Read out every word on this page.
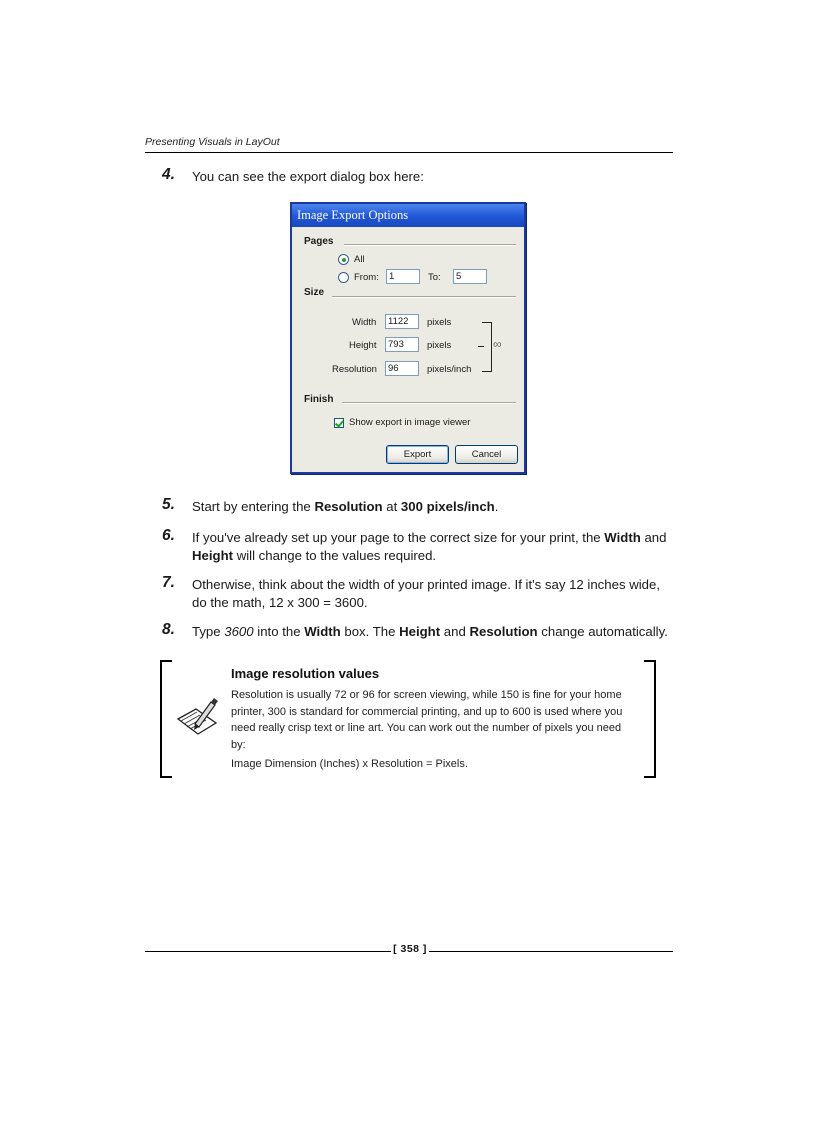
Presenting Visuals in LayOut
4. You can see the export dialog box here:
Image Export Options
Pages
All
From:	1	To:	5
Size
Width	1122	pixels
Height	793	pixels
Resolution	96	pixels/inch
∞
Finish
Show export in image viewer
Export	Cancel
5. Start by entering the Resolution at 300 pixels/inch.
6. If you've already set up your page to the correct size for your print, the Width and Height will change to the values required.
7. Otherwise, think about the width of your printed image. If it's say 12 inches wide, do the math, 12 x 300 = 3600.
8. Type 3600 into the Width box. The Height and Resolution change automatically.
Image resolution values

Resolution is usually 72 or 96 for screen viewing, while 150 is fine for your home printer, 300 is standard for commercial printing, and up to 600 is used where you need really crisp text or line art. You can work out the number of pixels you need by:

Image Dimension (Inches) x Resolution = Pixels.

[ 358 ]
